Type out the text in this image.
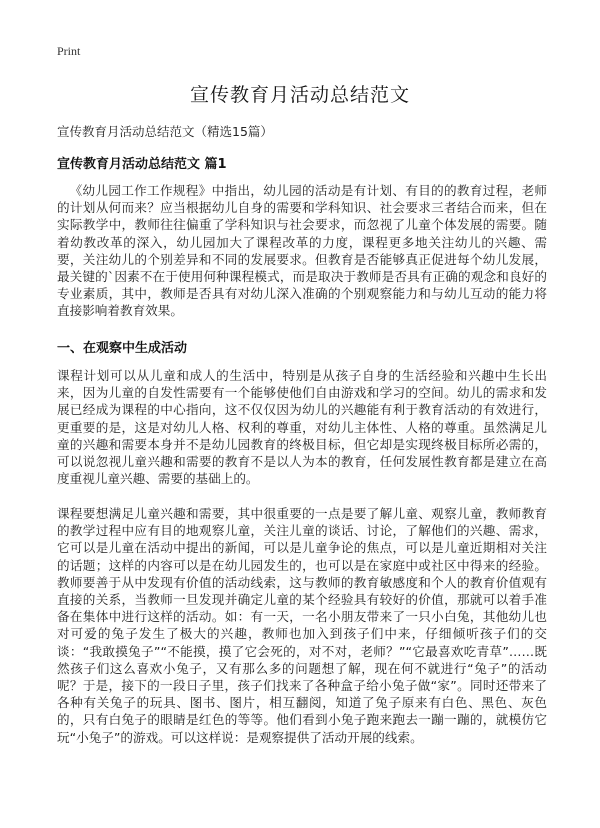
Print
宣传教育月活动总结范文
宣传教育月活动总结范文（精选15篇）
宣传教育月活动总结范文 篇1

《幼儿园工作工作规程》中指出，幼儿园的活动是有计划、有目的的教育过程，老师的计划从何而来？应当根据幼儿自身的需要和学科知识、社会要求三者结合而来，但在实际教学中，教师往往偏重了学科知识与社会要求，而忽视了儿童个体发展的需要。随着幼教改革的深入，幼儿园加大了课程改革的力度，课程更多地关注幼儿的兴趣、需要，关注幼儿的个别差异和不同的发展要求。但教育是否能够真正促进每个幼儿发展，最关键的`因素不在于使用何种课程模式，而是取决于教师是否具有正确的观念和良好的专业素质，其中，教师是否具有对幼儿深入准确的个别观察能力和与幼儿互动的能力将直接影响着教育效果。

一、在观察中生成活动

课程计划可以从儿童和成人的生活中，特别是从孩子自身的生活经验和兴趣中生长出来，因为儿童的自发性需要有一个能够使他们自由游戏和学习的空间。幼儿的需求和发展已经成为课程的中心指向，这不仅仅因为幼儿的兴趣能有利于教育活动的有效进行，更重要的是，这是对幼儿人格、权利的尊重，对幼儿主体性、人格的尊重。虽然满足儿童的兴趣和需要本身并不是幼儿园教育的终极目标，但它却是实现终极目标所必需的，可以说忽视儿童兴趣和需要的教育不是以人为本的教育，任何发展性教育都是建立在高度重视儿童兴趣、需要的基础上的。

课程要想满足儿童兴趣和需要，其中很重要的一点是要了解儿童、观察儿童，教师教育的教学过程中应有目的地观察儿童，关注儿童的谈话、讨论，了解他们的兴趣、需求，它可以是儿童在活动中提出的新闻，可以是儿童争论的焦点，可以是儿童近期相对关注的话题；这样的内容可以是在幼儿园发生的，也可以是在家庭中或社区中得来的经验。教师要善于从中发现有价值的活动线索，这与教师的教育敏感度和个人的教育价值观有直接的关系，当教师一旦发现并确定儿童的某个经验具有较好的价值，那就可以着手准备在集体中进行这样的活动。如：有一天，一名小朋友带来了一只小白兔，其他幼儿也对可爱的兔子发生了极大的兴趣，教师也加入到孩子们中来，仔细倾听孩子们的交谈：“我敢摸兔子”“不能摸，摸了它会死的，对不对，老师？”“它最喜欢吃青草”……既然孩子们这么喜欢小兔子，又有那么多的问题想了解，现在何不就进行“兔子”的活动呢？于是，接下的一段日子里，孩子们找来了各种盒子给小兔子做“家”。同时还带来了各种有关兔子的玩具、图书、图片，相互翻阅，知道了兔子原来有白色、黑色、灰色的，只有白兔子的眼睛是红色的等等。他们看到小兔子跑来跑去一蹦一蹦的，就模仿它玩“小兔子”的游戏。可以这样说：是观察提供了活动开展的线索。
